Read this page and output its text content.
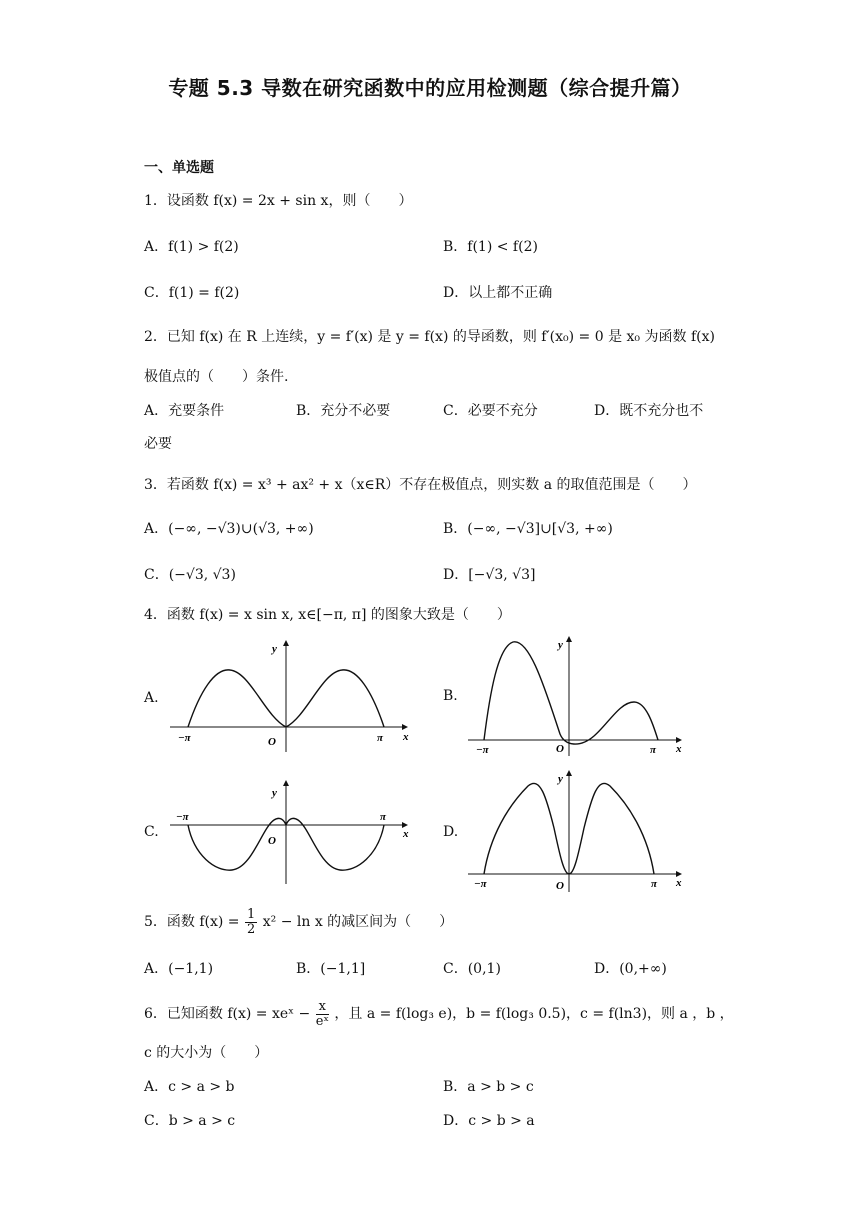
专题 5.3 导数在研究函数中的应用检测题（综合提升篇）
一、单选题
1．设函数 f(x) = 2x + sin x，则（　　）
A．f(1) > f(2)	B．f(1) < f(2)
C．f(1) = f(2)	D．以上都不正确
2．已知 f(x) 在 R 上连续，y = f′(x) 是 y = f(x) 的导函数，则 f′(x₀) = 0 是 x₀ 为函数 f(x)
极值点的（　　）条件.
A．充要条件	B．充分不必要	C．必要不充分	D．既不充分也不
必要
3．若函数 f(x) = x³ + ax² + x（x∈R）不存在极值点，则实数 a 的取值范围是（　　）
A．(−∞, −√3)∪(√3, +∞)	B．(−∞, −√3]∪[√3, +∞)
C．(−√3, √3)	D．[−√3, √3]
4．函数 f(x) = x sin x, x∈[−π, π] 的图象大致是（　　）
A.
y
x
O
−π	π
B.
y
x
O
−π	π
C.
y
x
O
−π	π
D.
y
x
O
−π	π
5．函数 $f(x) = \frac{1}{2} x^2 - \ln x$ 的减区间为（　　）
A．(−1,1)	B．(−1,1]	C．(0,1)	D．(0,+∞)
6．已知函数 f(x) = xeˣ − $\frac{x}{\text{eˣ}}$ ，且 a = f(log₃ e)，b = f(log₃ 0.5)，c = f(ln3)，则 a ，b ，
c 的大小为（　　）
A．c > a > b	B．a > b > c
C．b > a > c	D．c > b > a
